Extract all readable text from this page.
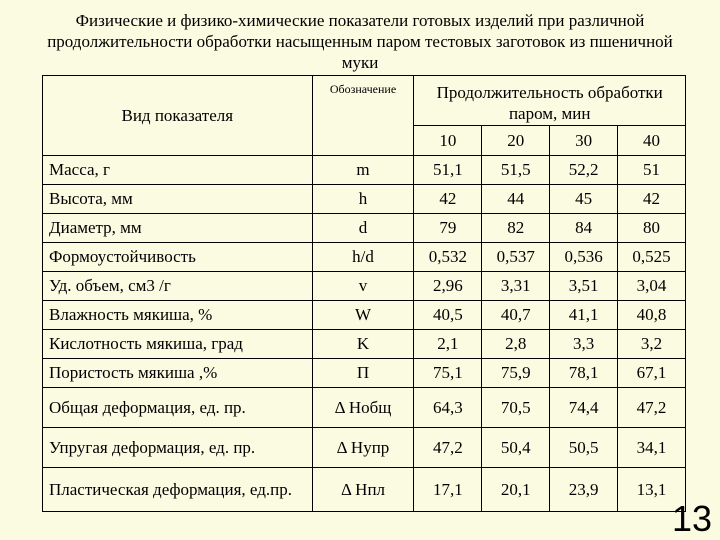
Физические и физико-химические показатели готовых изделий при различной продолжительности обработки насыщенным паром тестовых заготовок из пшеничной муки
Вид показателя	Обозначение	Продолжительность обработки паром, мин			
		10	20	30	40
Масса, г	m	51,1	51,5	52,2	51
Высота, мм	h	42	44	45	42
Диаметр, мм	d	79	82	84	80
Формоустойчивость	h/d	0,532	0,537	0,536	0,525
Уд. объем, см3 /г	v	2,96	3,31	3,51	3,04
Влажность мякиша, %	W	40,5	40,7	41,1	40,8
Кислотность мякиша, град	K	2,1	2,8	3,3	3,2
Пористость мякиша ,%	П	75,1	75,9	78,1	67,1
Общая деформация, ед. пр.	Δ Нобщ	64,3	70,5	74,4	47,2
Упругая деформация, ед. пр.	Δ Нупр	47,2	50,4	50,5	34,1
Пластическая деформация, ед.пр.	Δ Нпл	17,1	20,1	23,9	13,1
13
